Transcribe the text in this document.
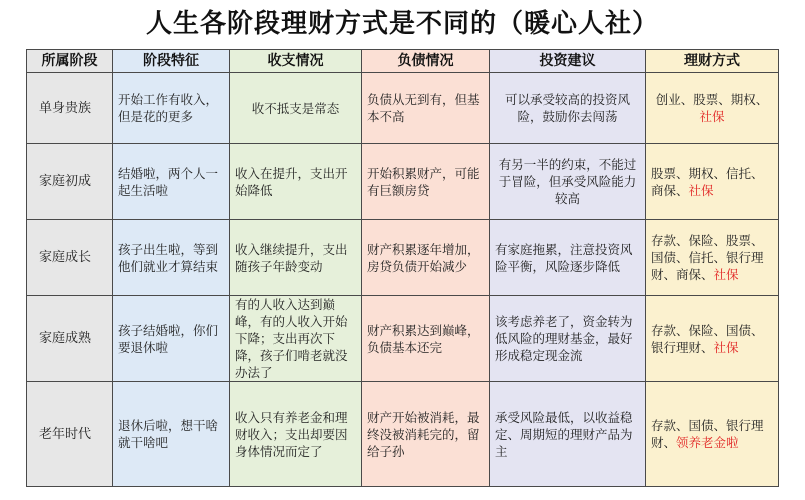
人生各阶段理财方式是不同的（暖心人社）
所属阶段	阶段特征	收支情况	负债情况	投资建议	理财方式
单身贵族	开始工作有收入，但是花的更多	收不抵支是常态	负债从无到有，但基本不高	可以承受较高的投资风险，鼓励你去闯荡	创业、股票、期权、社保
家庭初成	结婚啦，两个人一起生活啦	收入在提升，支出开始降低	开始积累财产，可能有巨额房贷	有另一半的约束，不能过于冒险，但承受风险能力较高	股票、期权、信托、商保、社保
家庭成长	孩子出生啦，等到他们就业才算结束	收入继续提升，支出随孩子年龄变动	财产积累逐年增加，房贷负债开始减少	有家庭拖累，注意投资风险平衡，风险逐步降低	存款、保险、股票、国债、信托、银行理财、商保、社保
家庭成熟	孩子结婚啦，你们要退休啦	有的人收入达到巅峰，有的人收入开始下降；支出再次下降，孩子们啃老就没办法了	财产积累达到巅峰，负债基本还完	该考虑养老了，资金转为低风险的理财基金，最好形成稳定现金流	存款、保险、国债、银行理财、社保
老年时代	退休后啦，想干啥就干啥吧	收入只有养老金和理财收入；支出却要因身体情况而定了	财产开始被消耗，最终没被消耗完的，留给子孙	承受风险最低，以收益稳定、周期短的理财产品为主	存款、国债、银行理财、领养老金啦
